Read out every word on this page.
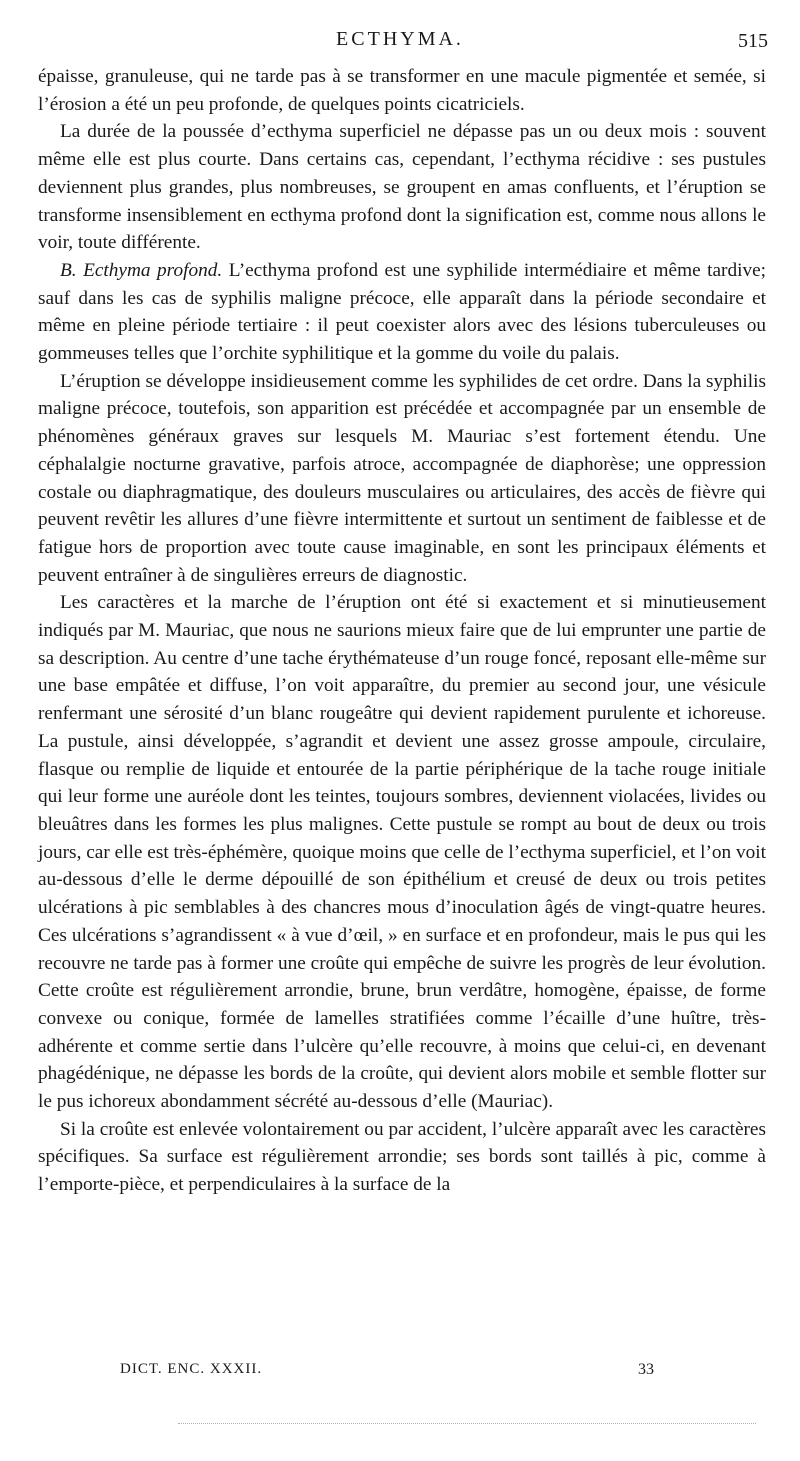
ECTHYMA.	515

épaisse, granuleuse, qui ne tarde pas à se transformer en une macule pigmentée et semée, si l’érosion a été un peu profonde, de quelques points cicatriciels.

La durée de la poussée d’ecthyma superficiel ne dépasse pas un ou deux mois : souvent même elle est plus courte. Dans certains cas, cependant, l’ecthyma récidive : ses pustules deviennent plus grandes, plus nombreuses, se groupent en amas confluents, et l’éruption se transforme insensiblement en ecthyma profond dont la signification est, comme nous allons le voir, toute différente.

B. Ecthyma profond. L’ecthyma profond est une syphilide intermédiaire et même tardive; sauf dans les cas de syphilis maligne précoce, elle apparaît dans la période secondaire et même en pleine période tertiaire : il peut coexister alors avec des lésions tuberculeuses ou gommeuses telles que l’orchite syphilitique et la gomme du voile du palais.

L’éruption se développe insidieusement comme les syphilides de cet ordre. Dans la syphilis maligne précoce, toutefois, son apparition est précédée et accompagnée par un ensemble de phénomènes généraux graves sur lesquels M. Mauriac s’est fortement étendu. Une céphalalgie nocturne gravative, parfois atroce, accompagnée de diaphorèse; une oppression costale ou diaphragmatique, des douleurs musculaires ou articulaires, des accès de fièvre qui peuvent revêtir les allures d’une fièvre intermittente et surtout un sentiment de faiblesse et de fatigue hors de proportion avec toute cause imaginable, en sont les principaux éléments et peuvent entraîner à de singulières erreurs de diagnostic.

Les caractères et la marche de l’éruption ont été si exactement et si minutieusement indiqués par M. Mauriac, que nous ne saurions mieux faire que de lui emprunter une partie de sa description. Au centre d’une tache érythémateuse d’un rouge foncé, reposant elle-même sur une base empâtée et diffuse, l’on voit apparaître, du premier au second jour, une vésicule renfermant une sérosité d’un blanc rougeâtre qui devient rapidement purulente et ichoreuse. La pustule, ainsi développée, s’agrandit et devient une assez grosse ampoule, circulaire, flasque ou remplie de liquide et entourée de la partie périphérique de la tache rouge initiale qui leur forme une auréole dont les teintes, toujours sombres, deviennent violacées, livides ou bleuâtres dans les formes les plus malignes. Cette pustule se rompt au bout de deux ou trois jours, car elle est très-éphémère, quoique moins que celle de l’ecthyma superficiel, et l’on voit au-dessous d’elle le derme dépouillé de son épithélium et creusé de deux ou trois petites ulcérations à pic semblables à des chancres mous d’inoculation âgés de vingt-quatre heures. Ces ulcérations s’agrandissent « à vue d’œil, » en surface et en profondeur, mais le pus qui les recouvre ne tarde pas à former une croûte qui empêche de suivre les progrès de leur évolution. Cette croûte est régulièrement arrondie, brune, brun verdâtre, homogène, épaisse, de forme convexe ou conique, formée de lamelles stratifiées comme l’écaille d’une huître, très-adhérente et comme sertie dans l’ulcère qu’elle recouvre, à moins que celui-ci, en devenant phagédénique, ne dépasse les bords de la croûte, qui devient alors mobile et semble flotter sur le pus ichoreux abondamment sécrété au-dessous d’elle (Mauriac).

Si la croûte est enlevée volontairement ou par accident, l’ulcère apparaît avec les caractères spécifiques. Sa surface est régulièrement arrondie; ses bords sont taillés à pic, comme à l’emporte-pièce, et perpendiculaires à la surface de la

DICT. ENC. XXXII.	33
